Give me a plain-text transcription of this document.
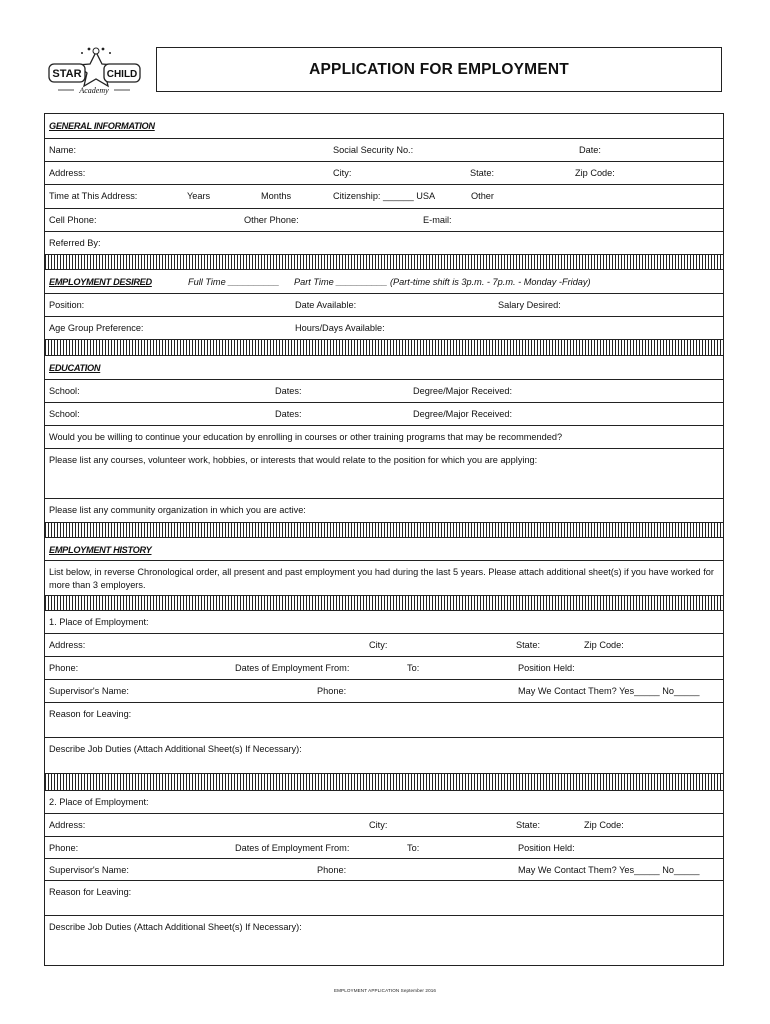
STAR	CHILD
Academy
APPLICATION FOR EMPLOYMENT
GENERAL INFORMATION
Name:	Social Security No.:	Date:
Address:	City:	State:	Zip Code:
Time at This Address:	Years	Months	Citizenship: ______ USA	Other
Cell Phone:	Other Phone:	E-mail:
Referred By:
EMPLOYMENT DESIRED	Full Time __________ Part Time __________ (Part-time shift is 3p.m. - 7p.m. - Monday -Friday)
Position:	Date Available:	Salary Desired:
Age Group Preference:	Hours/Days Available:
EDUCATION
School:	Dates:	Degree/Major Received:
School:	Dates:	Degree/Major Received:
Would you be willing to continue your education by enrolling in courses or other training programs that may be recommended?
Please list any courses, volunteer work, hobbies, or interests that would relate to the position for which you are applying:
Please list any community organization in which you are active:
EMPLOYMENT HISTORY
List below, in reverse Chronological order, all present and past employment you had during the last 5 years. Please attach additional sheet(s) if you have worked for more than 3 employers.
1. Place of Employment:
Address:	City:	State:	Zip Code:
Phone:	Dates of Employment From:	To:	Position Held:
Supervisor's Name:	Phone:	May We Contact Them? Yes_____ No_____
Reason for Leaving:
Describe Job Duties (Attach Additional Sheet(s) If Necessary):
2. Place of Employment:
Address:	City:	State:	Zip Code:
Phone:	Dates of Employment From:	To:	Position Held:
Supervisor's Name:	Phone:	May We Contact Them? Yes_____ No_____
Reason for Leaving:
Describe Job Duties (Attach Additional Sheet(s) If Necessary):
EMPLOYMENT APPLICATION September 2016
